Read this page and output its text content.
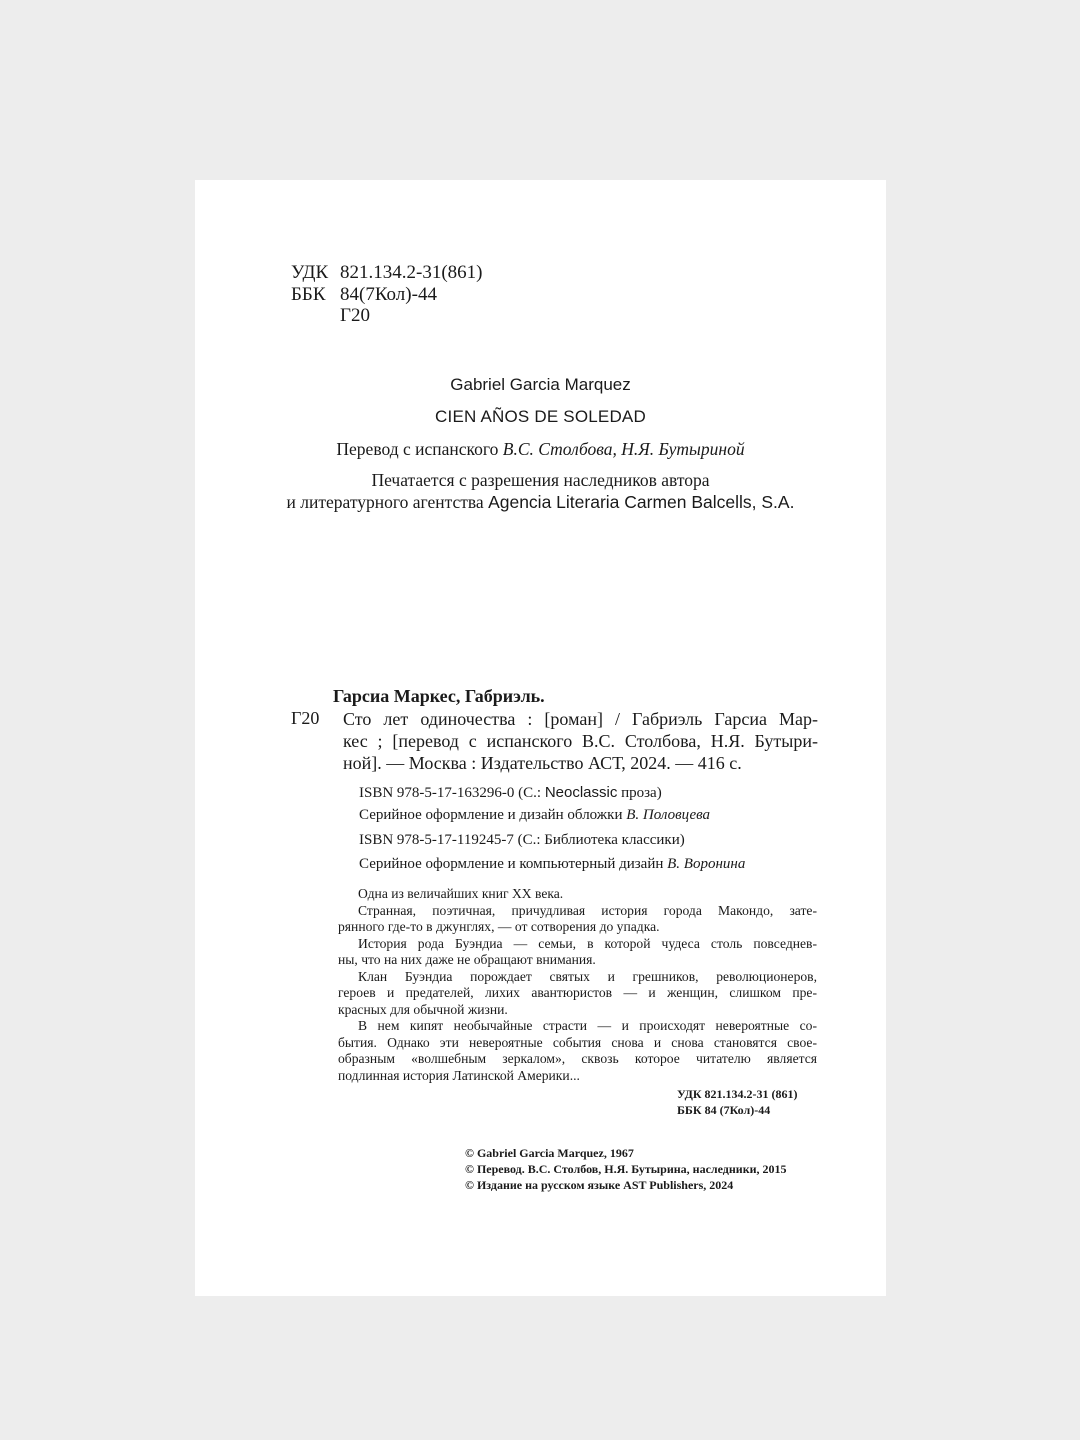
УДК 821.134.2-31(861)
ББК 84(7Кол)-44
Г20
Gabriel Garcia Marquez
CIEN AÑOS DE SOLEDAD
Перевод с испанского В.С. Столбова, Н.Я. Бутыриной
Печатается с разрешения наследников автора
и литературного агентства Agencia Literaria Carmen Balcells, S.A.
Гарсиа Маркес, Габриэль.
Г20 Сто лет одиночества : [роман] / Габриэль Гарсиа Мар-
кес ; [перевод с испанского В.С. Столбова, Н.Я. Бутыри-
ной]. — Москва : Издательство АСТ, 2024. — 416 с.
ISBN 978-5-17-163296-0 (С.: Neoclassic проза)
Серийное оформление и дизайн обложки В. Половцева
ISBN 978-5-17-119245-7 (С.: Библиотека классики)
Серийное оформление и компьютерный дизайн В. Воронина
Одна из величайших книг XX века.
Странная, поэтичная, причудливая история города Макондо, зате-
рянного где-то в джунглях, — от сотворения до упадка.
История рода Буэндиа — семьи, в которой чудеса столь повседнев-
ны, что на них даже не обращают внимания.
Клан Буэндиа порождает святых и грешников, революционеров,
героев и предателей, лихих авантюристов — и женщин, слишком пре-
красных для обычной жизни.
В нем кипят необычайные страсти — и происходят невероятные со-
бытия. Однако эти невероятные события снова и снова становятся свое-
образным «волшебным зеркалом», сквозь которое читателю является
подлинная история Латинской Америки...
УДК 821.134.2-31 (861)
ББК 84 (7Кол)-44
© Gabriel Garcia Marquez, 1967
© Перевод. В.С. Столбов, Н.Я. Бутырина, наследники, 2015
© Издание на русском языке AST Publishers, 2024
